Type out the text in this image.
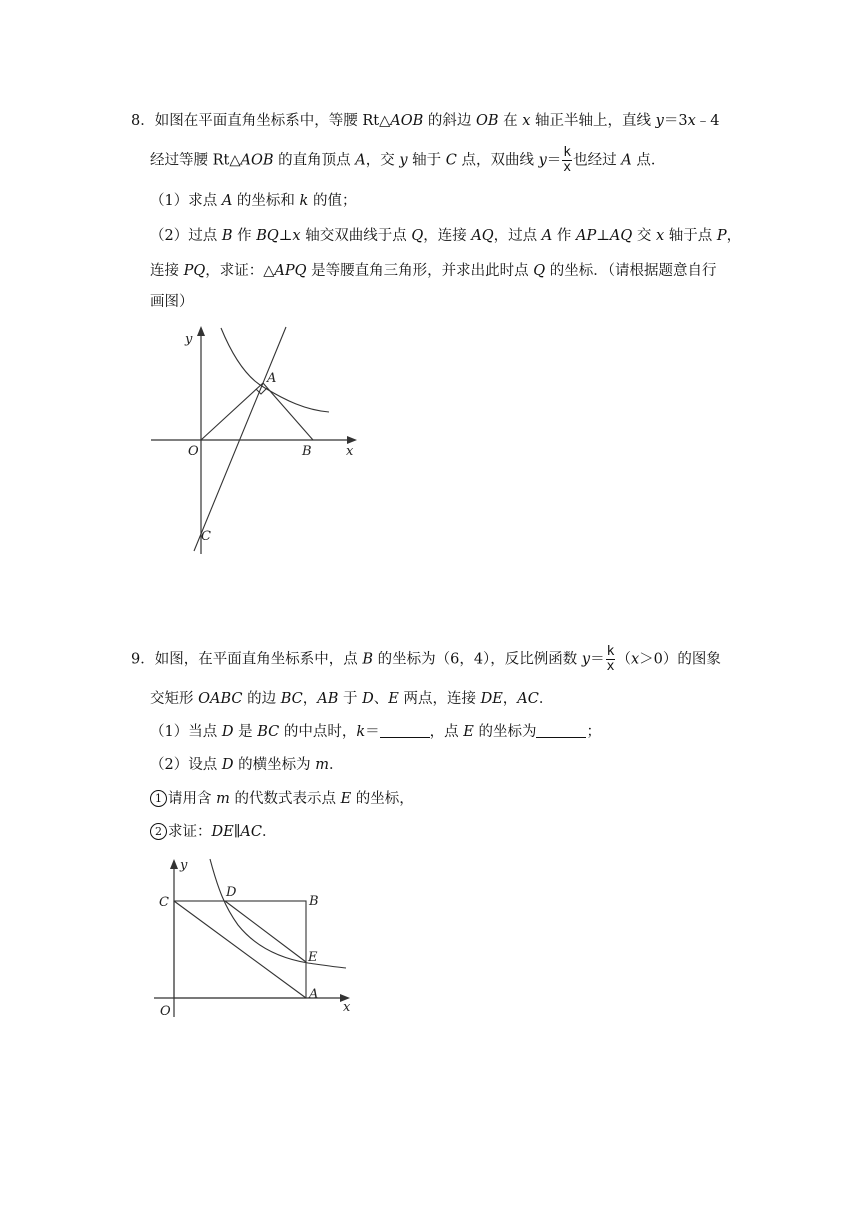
8．如图在平面直角坐标系中，等腰 Rt△AOB 的斜边 OB 在 x 轴正半轴上，直线 y＝3x﹣4
经过等腰 Rt△AOB 的直角顶点 A，交 y 轴于 C 点，双曲线 $y= \frac{k}{x}$ 也经过 A 点．
（1）求点 A 的坐标和 k 的值；
（2）过点 B 作 BQ⊥x 轴交双曲线于点 Q，连接 AQ，过点 A 作 AP⊥AQ 交 x 轴于点 P，
连接 PQ，求证：△APQ 是等腰直角三角形，并求出此时点 Q 的坐标．（请根据题意自行
画图）
y
A
O	B	x
C
9．如图，在平面直角坐标系中，点 B 的坐标为（6，4），反比例函数 $y= \frac{k}{x} (x>0)$的图象
交矩形 OABC 的边 BC，AB 于 D、E 两点，连接 DE，AC．
（1）当点 D 是 BC 的中点时，k＝	，点 E 的坐标为	；
（2）设点 D 的横坐标为 m．
1 请用含 m 的代数式表示点 E 的坐标，
2 求证：DE∥AC．
y
C
D
B
E
O
A
x
